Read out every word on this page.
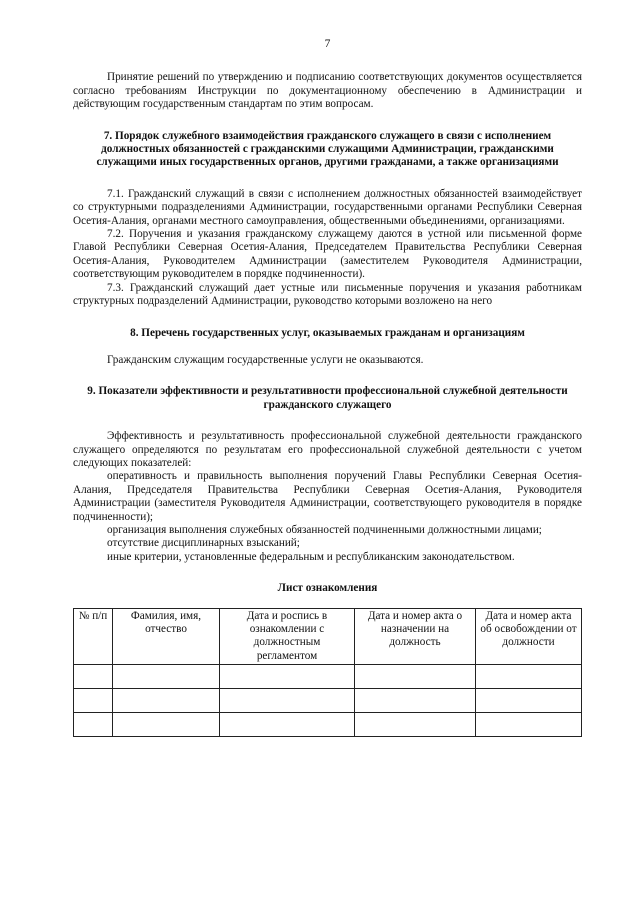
7

Принятие решений по утверждению и подписанию соответствующих документов осуществляется согласно требованиям Инструкции по документационному обеспечению в Администрации и действующим государственным стандартам по этим вопросам.

7. Порядок служебного взаимодействия гражданского служащего в связи с исполнением должностных обязанностей с гражданскими служащими Администрации, гражданскими служащими иных государственных органов, другими гражданами, а также организациями

7.1. Гражданский служащий в связи с исполнением должностных обязанностей взаимодействует со структурными подразделениями Администрации, государственными органами Республики Северная Осетия-Алания, органами местного самоуправления, общественными объединениями, организациями.

7.2. Поручения и указания гражданскому служащему даются в устной или письменной форме Главой Республики Северная Осетия-Алания, Председателем Правительства Республики Северная Осетия-Алания, Руководителем Администрации (заместителем Руководителя Администрации, соответствующим руководителем в порядке подчиненности).

7.3. Гражданский служащий дает устные или письменные поручения и указания работникам структурных подразделений Администрации, руководство которыми возложено на него

8. Перечень государственных услуг, оказываемых гражданам и организациям

Гражданским служащим государственные услуги не оказываются.

9. Показатели эффективности и результативности профессиональной служебной деятельности гражданского служащего

Эффективность и результативность профессиональной служебной деятельности гражданского служащего определяются по результатам его профессиональной служебной деятельности с учетом следующих показателей:

оперативность и правильность выполнения поручений Главы Республики Северная Осетия-Алания, Председателя Правительства Республики Северная Осетия-Алания, Руководителя Администрации (заместителя Руководителя Администрации, соответствующего руководителя в порядке подчиненности);

организация выполнения служебных обязанностей подчиненными должностными лицами;

отсутствие дисциплинарных взысканий;

иные критерии, установленные федеральным и республиканским законодательством.

Лист ознакомления

№ п/п	Фамилия, имя, отчество	Дата и роспись в ознакомлении с должностным регламентом	Дата и номер акта о назначении на должность	Дата и номер акта об освобождении от должности
